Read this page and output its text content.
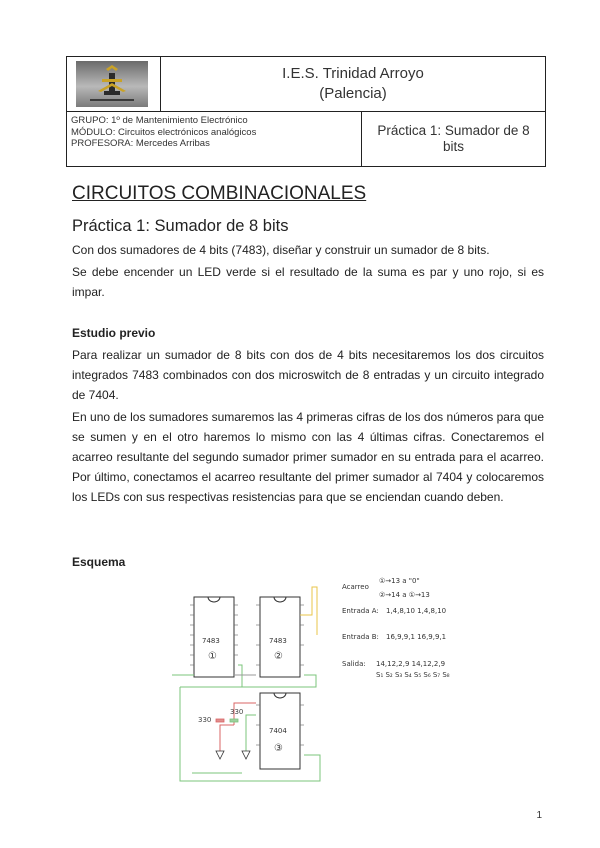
I.E.S. Trinidad Arroyo
(Palencia)
GRUPO: 1º de Mantenimiento Electrónico
MÓDULO: Circuitos electrónicos analógicos
PROFESORA: Mercedes Arribas
Práctica 1: Sumador de 8
bits
CIRCUITOS COMBINACIONALES
Práctica 1: Sumador de 8 bits

Con dos sumadores de 4 bits (7483), diseñar y construir un sumador de 8 bits.

Se debe encender un LED verde si el resultado de la suma es par y uno rojo, si es impar.

Estudio previo

Para realizar un sumador de 8 bits con dos de 4 bits necesitaremos los dos circuitos integrados 7483 combinados con dos microswitch de 8 entradas y un circuito integrado de 7404.

En uno de los sumadores sumaremos las 4 primeras cifras de los dos números para que se sumen y en el otro haremos lo mismo con las 4 últimas cifras. Conectaremos el acarreo resultante del segundo sumador primer sumador en su entrada para el acarreo. Por último, conectamos el acarreo resultante del primer sumador al 7404 y colocaremos los LEDs con sus respectivas resistencias para que se enciendan cuando deben.

Esquema

7483
①
7483
②
7404
③
330
330
Acarreo
①→13 a "0"
②→14 a ①→13
Entrada A: 1,4,8,10 1,4,8,10
Entrada B: 16,9,9,1 16,9,9,1
Salida: 14,12,2,9 14,12,2,9
S₁ S₂ S₃ S₄ S₅ S₆ S₇ S₈
1
